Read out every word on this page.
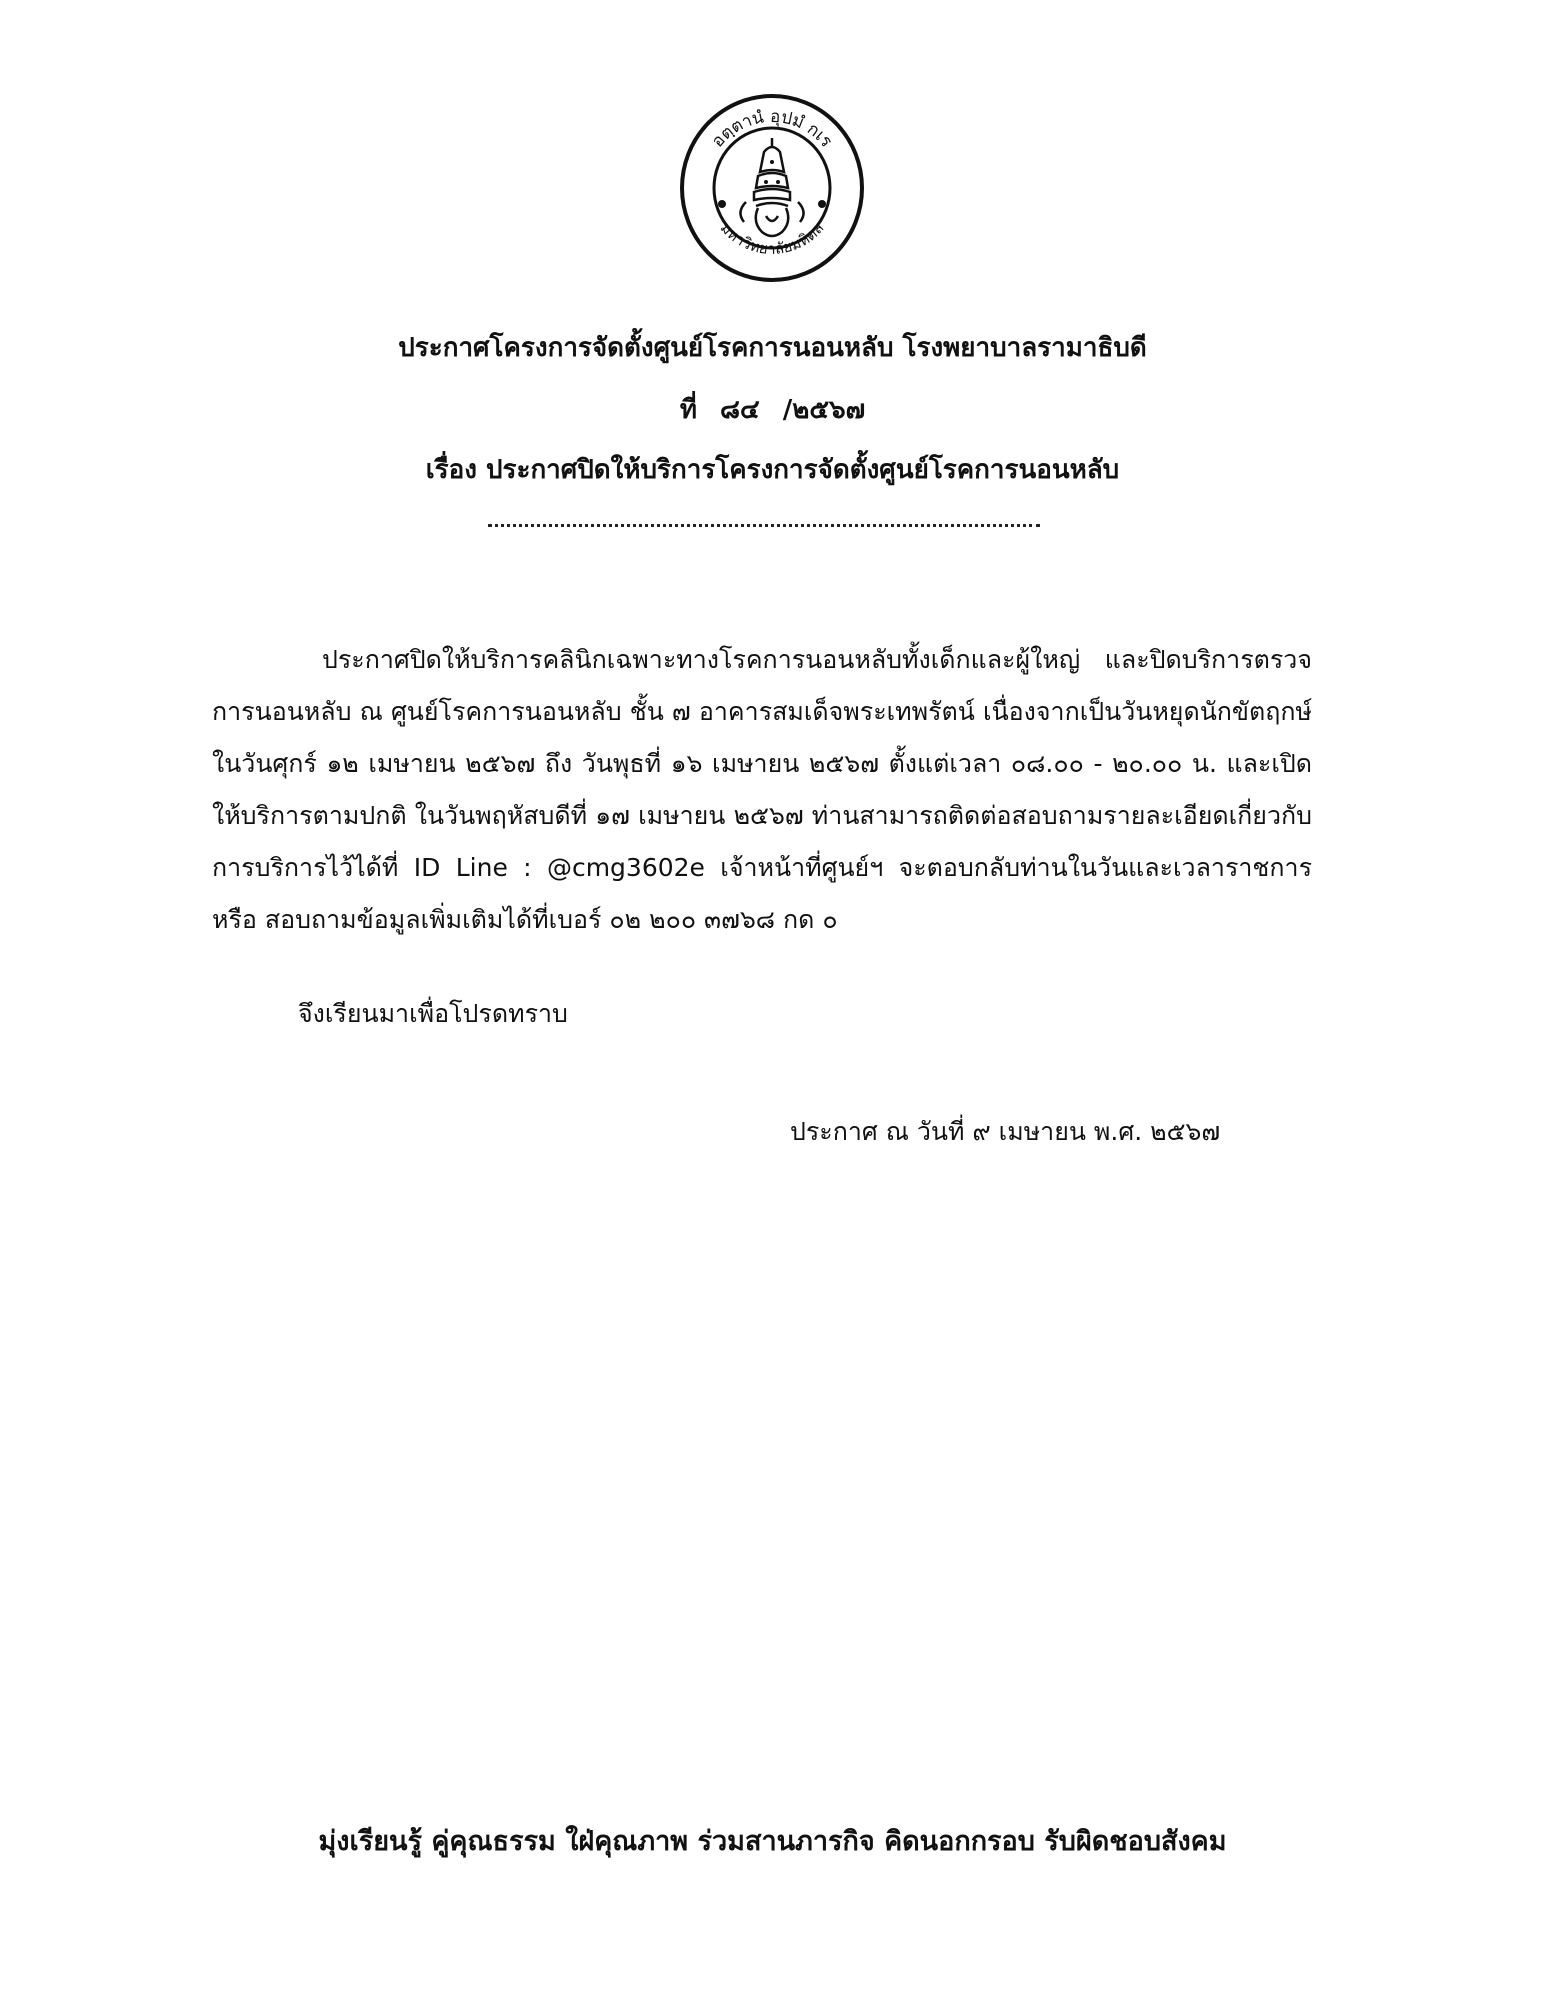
อตฺตานํ อุปมํ กเร
มหาวิทยาลัยมหิดล
ประกาศโครงการจัดตั้งศูนย์โรคการนอนหลับ โรงพยาบาลรามาธิบดี
ที่ ๘๔ /๒๕๖๗
เรื่อง ประกาศปิดให้บริการโครงการจัดตั้งศูนย์โรคการนอนหลับ
ประกาศปิดให้บริการคลินิกเฉพาะทางโรคการนอนหลับทั้งเด็กและผู้ใหญ่ และปิดบริการตรวจการนอนหลับ ณ ศูนย์โรคการนอนหลับ ชั้น ๗ อาคารสมเด็จพระเทพรัตน์ เนื่องจากเป็นวันหยุดนักขัตฤกษ์ ในวันศุกร์ ๑๒ เมษายน ๒๕๖๗ ถึง วันพุธที่ ๑๖ เมษายน ๒๕๖๗ ตั้งแต่เวลา ๐๘.๐๐ - ๒๐.๐๐ น. และเปิดให้บริการตามปกติ ในวันพฤหัสบดีที่ ๑๗ เมษายน ๒๕๖๗ ท่านสามารถติดต่อสอบถามรายละเอียดเกี่ยวกับการบริการไว้ได้ที่ ID Line : @cmg3602e เจ้าหน้าที่ศูนย์ฯ จะตอบกลับท่านในวันและเวลาราชการ หรือ สอบถามข้อมูลเพิ่มเติมได้ที่เบอร์ ๐๒ ๒๐๐ ๓๗๖๘ กด ๐
จึงเรียนมาเพื่อโปรดทราบ
ประกาศ ณ วันที่ ๙ เมษายน พ.ศ. ๒๕๖๗
มุ่งเรียนรู้ คู่คุณธรรม ใฝ่คุณภาพ ร่วมสานภารกิจ คิดนอกกรอบ รับผิดชอบสังคม
